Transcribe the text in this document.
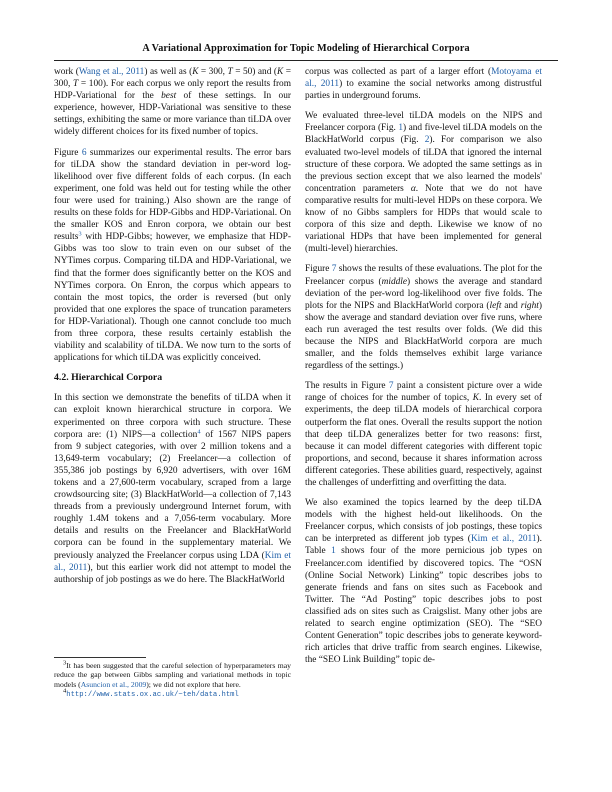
A Variational Approximation for Topic Modeling of Hierarchical Corpora

work (Wang et al., 2011) as well as (K = 300, T = 50) and (K = 300, T = 100). For each corpus we only report the results from HDP-Variational for the best of these settings. In our experience, however, HDP-Variational was sensitive to these settings, exhibiting the same or more variance than tiLDA over widely different choices for its fixed number of topics.

Figure 6 summarizes our experimental results. The error bars for tiLDA show the standard deviation in per-word log-likelihood over five different folds of each corpus. (In each experiment, one fold was held out for testing while the other four were used for training.) Also shown are the range of results on these folds for HDP-Gibbs and HDP-Variational. On the smaller KOS and Enron corpora, we obtain our best results$^3$ with HDP-Gibbs; however, we emphasize that HDP-Gibbs was too slow to train even on our subset of the NYTimes corpus. Comparing tiLDA and HDP-Variational, we find that the former does significantly better on the KOS and NYTimes corpora. On Enron, the corpus which appears to contain the most topics, the order is reversed (but only provided that one explores the space of truncation parameters for HDP-Variational). Though one cannot conclude too much from three corpora, these results certainly establish the viability and scalability of tiLDA. We now turn to the sorts of applications for which tiLDA was explicitly conceived.

4.2. Hierarchical Corpora

In this section we demonstrate the benefits of tiLDA when it can exploit known hierarchical structure in corpora. We experimented on three corpora with such structure. These corpora are: (1) NIPS—a collection$^4$ of 1567 NIPS papers from 9 subject categories, with over 2 million tokens and a 13,649-term vocabulary; (2) Freelancer—a collection of 355,386 job postings by 6,920 advertisers, with over 16M tokens and a 27,600-term vocabulary, scraped from a large crowdsourcing site; (3) BlackHatWorld—a collection of 7,143 threads from a previously underground Internet forum, with roughly 1.4M tokens and a 7,056-term vocabulary. More details and results on the Freelancer and BlackHatWorld corpora can be found in the supplementary material. We previously analyzed the Freelancer corpus using LDA (Kim et al., 2011), but this earlier work did not attempt to model the authorship of job postings as we do here. The BlackHatWorld

$^3$It has been suggested that the careful selection of hyperparameters may reduce the gap between Gibbs sampling and variational methods in topic models (Asuncion et al., 2009); we did not explore that here.

$^4$http://www.stats.ox.ac.uk/~teh/data.html

corpus was collected as part of a larger effort (Motoyama et al., 2011) to examine the social networks among distrustful parties in underground forums.

We evaluated three-level tiLDA models on the NIPS and Freelancer corpora (Fig. 1) and five-level tiLDA models on the BlackHatWorld corpus (Fig. 2). For comparison we also evaluated two-level models of tiLDA that ignored the internal structure of these corpora. We adopted the same settings as in the previous section except that we also learned the models' concentration parameters α. Note that we do not have comparative results for multi-level HDPs on these corpora. We know of no Gibbs samplers for HDPs that would scale to corpora of this size and depth. Likewise we know of no variational HDPs that have been implemented for general (multi-level) hierarchies.

Figure 7 shows the results of these evaluations. The plot for the Freelancer corpus (middle) shows the average and standard deviation of the per-word log-likelihood over five folds. The plots for the NIPS and BlackHatWorld corpora (left and right) show the average and standard deviation over five runs, where each run averaged the test results over folds. (We did this because the NIPS and BlackHatWorld corpora are much smaller, and the folds themselves exhibit large variance regardless of the settings.)

The results in Figure 7 paint a consistent picture over a wide range of choices for the number of topics, K. In every set of experiments, the deep tiLDA models of hierarchical corpora outperform the flat ones. Overall the results support the notion that deep tiLDA generalizes better for two reasons: first, because it can model different categories with different topic proportions, and second, because it shares information across different categories. These abilities guard, respectively, against the challenges of underfitting and overfitting the data.

We also examined the topics learned by the deep tiLDA models with the highest held-out likelihoods. On the Freelancer corpus, which consists of job postings, these topics can be interpreted as different job types (Kim et al., 2011). Table 1 shows four of the more pernicious job types on Freelancer.com identified by discovered topics. The “OSN (Online Social Network) Linking” topic describes jobs to generate friends and fans on sites such as Facebook and Twitter. The “Ad Posting” topic describes jobs to post classified ads on sites such as Craigslist. Many other jobs are related to search engine optimization (SEO). The “SEO Content Generation” topic describes jobs to generate keyword-rich articles that drive traffic from search engines. Likewise, the “SEO Link Building” topic de-
